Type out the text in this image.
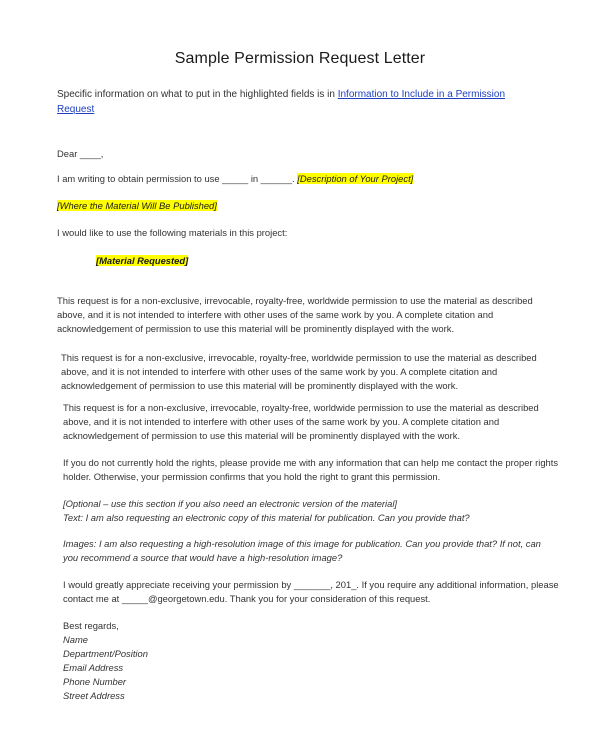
Sample Permission Request Letter

Specific information on what to put in the highlighted fields is in Information to Include in a Permission Request

Dear ____,

I am writing to obtain permission to use _____ in ______. [Description of Your Project]

[Where the Material Will Be Published]

I would like to use the following materials in this project:

[Material Requested]

This request is for a non-exclusive, irrevocable, royalty-free, worldwide permission to use the material as described above, and it is not intended to interfere with other uses of the same work by you. A complete citation and acknowledgement of permission to use this material will be prominently displayed with the work.

This request is for a non-exclusive, irrevocable, royalty-free, worldwide permission to use the material as described above, and it is not intended to interfere with other uses of the same work by you. A complete citation and acknowledgement of permission to use this material will be prominently displayed with the work.

This request is for a non-exclusive, irrevocable, royalty-free, worldwide permission to use the material as described above, and it is not intended to interfere with other uses of the same work by you. A complete citation and acknowledgement of permission to use this material will be prominently displayed with the work.

If you do not currently hold the rights, please provide me with any information that can help me contact the proper rights holder. Otherwise, your permission confirms that you hold the right to grant this permission.

[Optional – use this section if you also need an electronic version of the material]
Text: I am also requesting an electronic copy of this material for publication. Can you provide that?

Images: I am also requesting a high-resolution image of this image for publication. Can you provide that? If not, can you recommend a source that would have a high-resolution image?

I would greatly appreciate receiving your permission by _______, 201_. If you require any additional information, please contact me at _____@georgetown.edu. Thank you for your consideration of this request.

Best regards,
Name
Department/Position
Email Address
Phone Number
Street Address
